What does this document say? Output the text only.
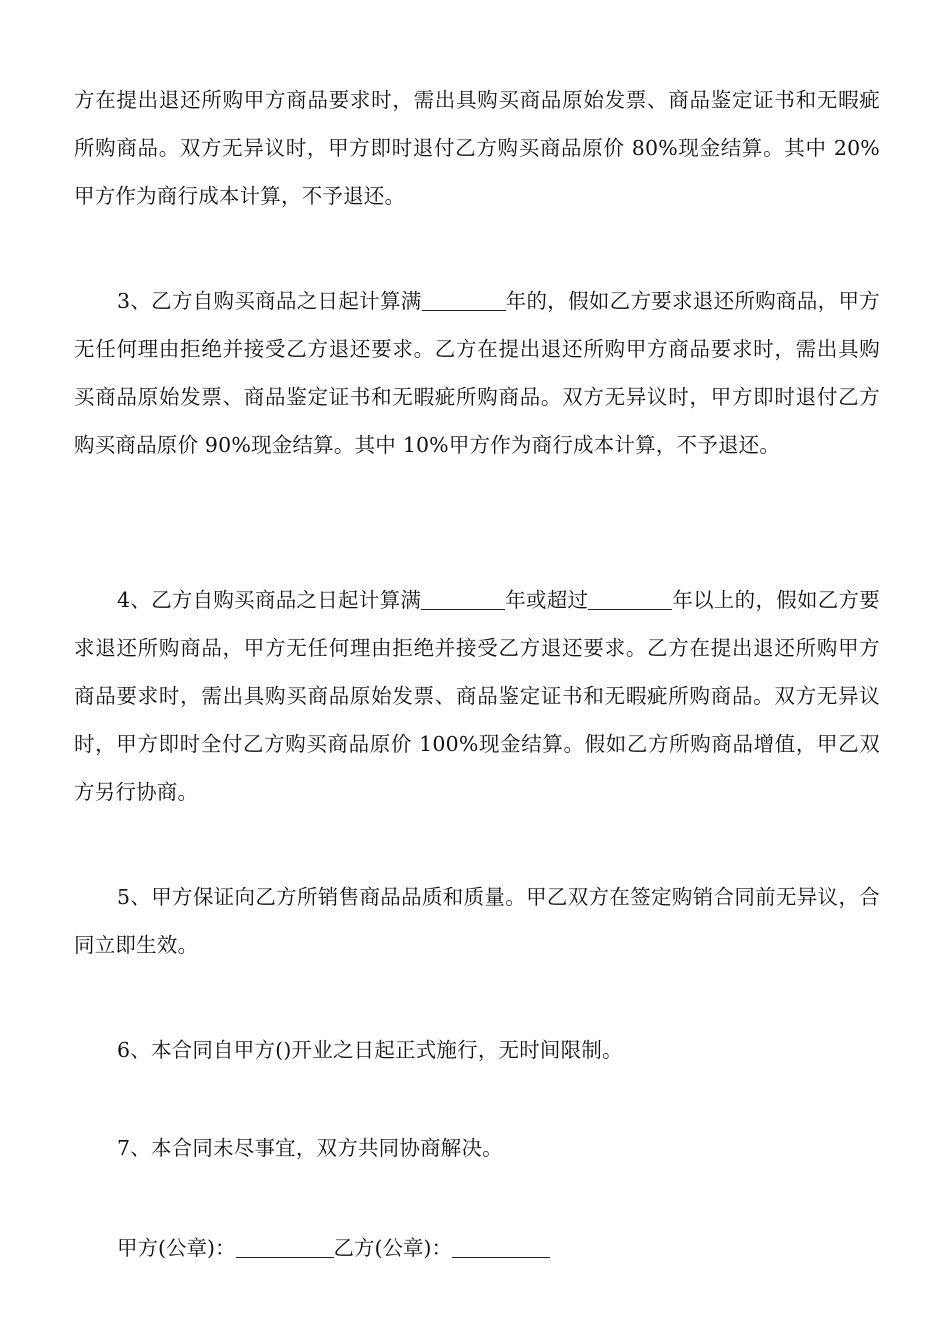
方在提出退还所购甲方商品要求时，需出具购买商品原始发票、商品鉴定证书和无暇疵所购商品。双方无异议时，甲方即时退付乙方购买商品原价 80%现金结算。其中 20%甲方作为商行成本计算，不予退还。

3、乙方自购买商品之日起计算满	年的，假如乙方要求退还所购商品，甲方无任何理由拒绝并接受乙方退还要求。乙方在提出退还所购甲方商品要求时，需出具购买商品原始发票、商品鉴定证书和无暇疵所购商品。双方无异议时，甲方即时退付乙方购买商品原价 90%现金结算。其中 10%甲方作为商行成本计算，不予退还。

4、乙方自购买商品之日起计算满	年或超过	年以上的，假如乙方要求退还所购商品，甲方无任何理由拒绝并接受乙方退还要求。乙方在提出退还所购甲方商品要求时，需出具购买商品原始发票、商品鉴定证书和无暇疵所购商品。双方无异议时，甲方即时全付乙方购买商品原价 100%现金结算。假如乙方所购商品增值，甲乙双方另行协商。

5、甲方保证向乙方所销售商品品质和质量。甲乙双方在签定购销合同前无异议，合同立即生效。

6、本合同自甲方()开业之日起正式施行，无时间限制。

7、本合同未尽事宜，双方共同协商解决。

甲方(公章)：	乙方(公章)：
